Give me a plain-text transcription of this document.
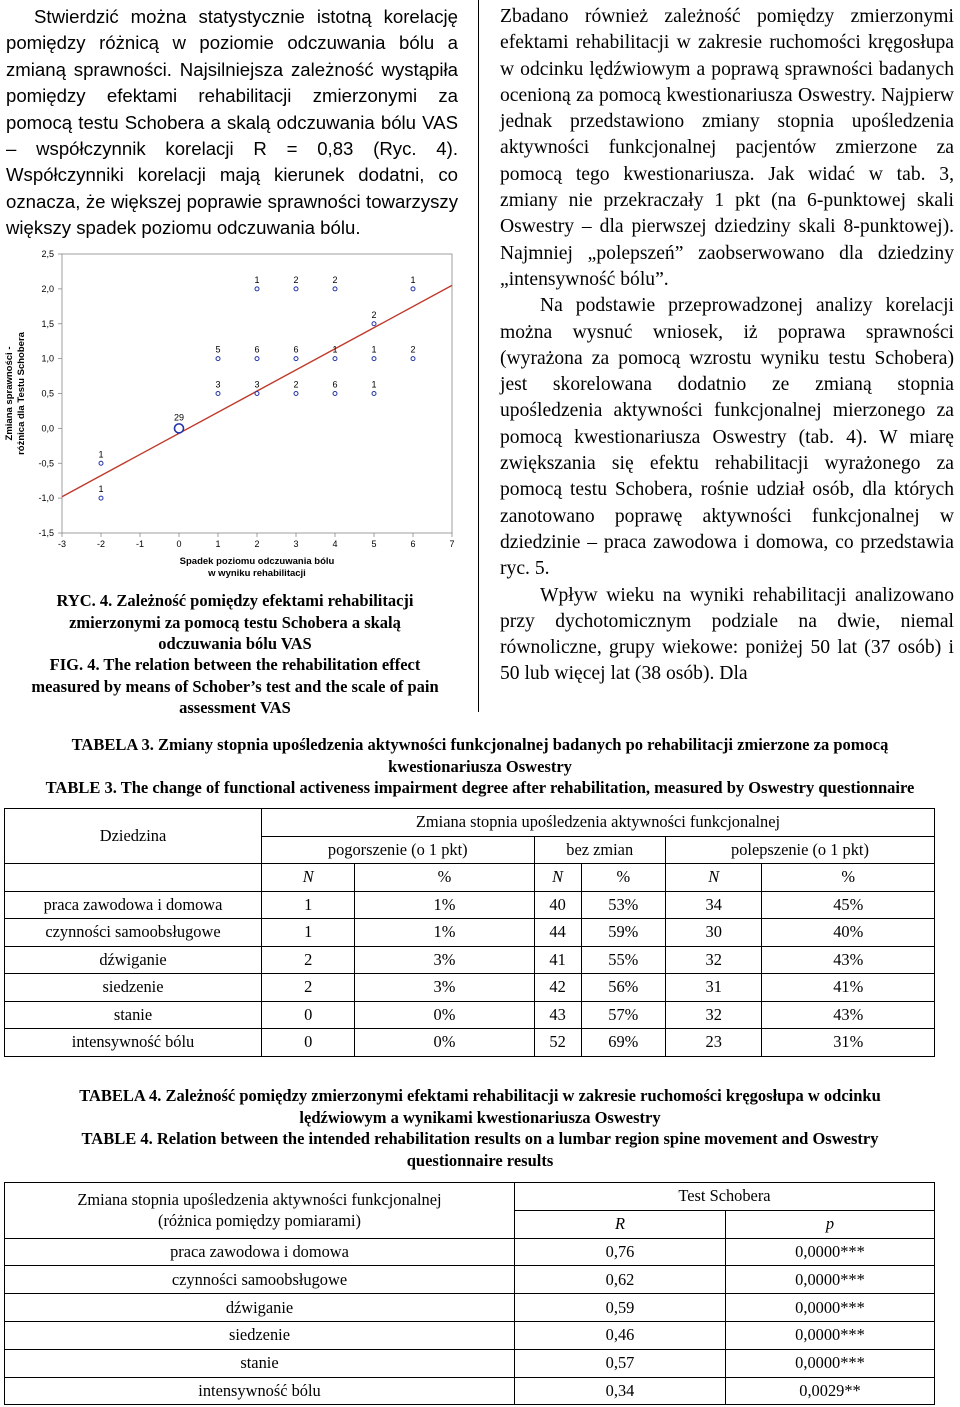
Stwierdzić można statystycznie istotną korelację pomiędzy różnicą w poziomie odczuwania bólu a zmianą sprawności. Najsilniejsza zależność wystąpiła pomiędzy efektami rehabilitacji zmierzonymi za pomocą testu Schobera a skalą odczuwania bólu VAS – współczynnik korelacji R = 0,83 (Ryc. 4). Współczynniki korelacji mają kierunek dodatni, co oznacza, że większej poprawie sprawności towarzyszy większy spadek poziomu odczuwania bólu.

2,5
2,0
1,5
1,0
0,5
0,0
-0,5
-1,0
-1,5
-3	-2	-1	0	1	2	3	4	5	6	7
Spadek poziomu odczuwania bólu
w wyniku rehabilitacji
Zmiana sprawności - różnica dla Testu Schobera
1
1
29
3
5
3
6
1
2
6
2
6
1
2
1
1
2
2
1
RYC. 4. Zależność pomiędzy efektami rehabilitacji
zmierzonymi za pomocą testu Schobera a skalą
odczuwania bólu VAS
FIG. 4. The relation between the rehabilitation effect
measured by means of Schober’s test and the scale of pain
assessment VAS

Zbadano również zależność pomiędzy zmierzonymi efektami rehabilitacji w zakresie ruchomości kręgosłupa w odcinku lędźwiowym a poprawą sprawności badanych ocenioną za pomocą kwestionariusza Oswestry. Najpierw jednak przedstawiono zmiany stopnia upośledzenia aktywności funkcjonalnej pacjentów zmierzone za pomocą tego kwestionariusza. Jak widać w tab. 3, zmiany nie przekraczały 1 pkt (na 6-punktowej skali Oswestry – dla pierwszej dziedziny skali 8-punktowej). Najmniej „polepszeń” zaobserwowano dla dziedziny „intensywność bólu”.

Na podstawie przeprowadzonej analizy korelacji można wysnuć wniosek, iż poprawa sprawności (wyrażona za pomocą wzrostu wyniku testu Schobera) jest skorelowana dodatnio ze zmianą stopnia upośledzenia aktywności funkcjonalnej mierzonego za pomocą kwestionariusza Oswestry (tab. 4). W miarę zwiększania się efektu rehabilitacji wyrażonego za pomocą testu Schobera, rośnie udział osób, dla których zanotowano poprawę aktywności funkcjonalnej w dziedzinie – praca zawodowa i domowa, co przedstawia ryc. 5.

Wpływ wieku na wyniki rehabilitacji analizowano przy dychotomicznym podziale na dwie, niemal równoliczne, grupy wiekowe: poniżej 50 lat (37 osób) i 50 lub więcej lat (38 osób). Dla

TABELA 3. Zmiany stopnia upośledzenia aktywności funkcjonalnej badanych po rehabilitacji zmierzone za pomocą
kwestionariusza Oswestry
TABLE 3. The change of functional activeness impairment degree after rehabilitation, measured by Oswestry questionnaire
Dziedzina	Zmiana stopnia upośledzenia aktywności funkcjonalnej					
	pogorszenie (o 1 pkt)		bez zmian		polepszenie (o 1 pkt)	
	N	%	N	%	N	%
praca zawodowa i domowa	1	1%	40	53%	34	45%
czynności samoobsługowe	1	1%	44	59%	30	40%
dźwiganie	2	3%	41	55%	32	43%
siedzenie	2	3%	42	56%	31	41%
stanie	0	0%	43	57%	32	43%
intensywność bólu	0	0%	52	69%	23	31%
TABELA 4. Zależność pomiędzy zmierzonymi efektami rehabilitacji w zakresie ruchomości kręgosłupa w odcinku
lędźwiowym a wynikami kwestionariusza Oswestry
TABLE 4. Relation between the intended rehabilitation results on a lumbar region spine movement and Oswestry
questionnaire results
Zmiana stopnia upośledzenia aktywności funkcjonalnej
(różnica pomiędzy pomiarami)	Test Schobera	
	R	p
praca zawodowa i domowa	0,76	0,0000***
czynności samoobsługowe	0,62	0,0000***
dźwiganie	0,59	0,0000***
siedzenie	0,46	0,0000***
stanie	0,57	0,0000***
intensywność bólu	0,34	0,0029**
